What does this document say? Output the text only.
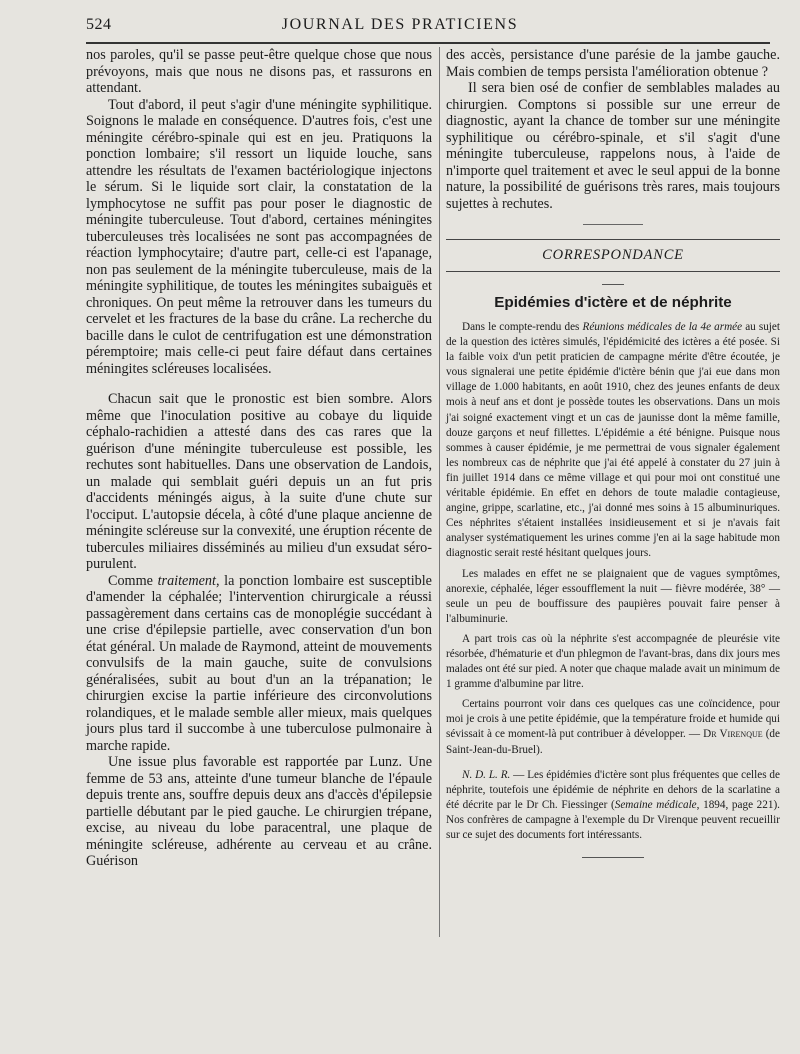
524	JOURNAL DES PRATICIENS

nos paroles, qu'il se passe peut-être quelque chose que nous prévoyons, mais que nous ne disons pas, et rassurons en attendant.

Tout d'abord, il peut s'agir d'une méningite syphilitique. Soignons le malade en conséquence. D'autres fois, c'est une méningite cérébro-spinale qui est en jeu. Pratiquons la ponction lombaire; s'il ressort un liquide louche, sans attendre les résultats de l'examen bactériologique injectons le sérum. Si le liquide sort clair, la constatation de la lymphocytose ne suffit pas pour poser le diagnostic de méningite tuberculeuse. Tout d'abord, certaines méningites tuberculeuses très localisées ne sont pas accompagnées de réaction lymphocytaire; d'autre part, celle-ci est l'apanage, non pas seulement de la méningite tuberculeuse, mais de la méningite syphilitique, de toutes les méningites subaiguës et chroniques. On peut même la retrouver dans les tumeurs du cervelet et les fractures de la base du crâne. La recherche du bacille dans le culot de centrifugation est une démonstration péremptoire; mais celle-ci peut faire défaut dans certaines méningites scléreuses localisées.

Chacun sait que le pronostic est bien sombre. Alors même que l'inoculation positive au cobaye du liquide céphalo-rachidien a attesté dans des cas rares que la guérison d'une méningite tuberculeuse est possible, les rechutes sont habituelles. Dans une observation de Landois, un malade qui semblait guéri depuis un an fut pris d'accidents méningés aigus, à la suite d'une chute sur l'occiput. L'autopsie décela, à côté d'une plaque ancienne de méningite scléreuse sur la convexité, une éruption récente de tubercules miliaires disséminés au milieu d'un exsudat séro-purulent.

Comme traitement, la ponction lombaire est susceptible d'amender la céphalée; l'intervention chirurgicale a réussi passagèrement dans certains cas de monoplégie succédant à une crise d'épilepsie partielle, avec conservation d'un bon état général. Un malade de Raymond, atteint de mouvements convulsifs de la main gauche, suite de convulsions généralisées, subit au bout d'un an la trépanation; le chirurgien excise la partie inférieure des circonvolutions rolandiques, et le malade semble aller mieux, mais quelques jours plus tard il succombe à une tuberculose pulmonaire à marche rapide.

Une issue plus favorable est rapportée par Lunz. Une femme de 53 ans, atteinte d'une tumeur blanche de l'épaule depuis trente ans, souffre depuis deux ans d'accès d'épilepsie partielle débutant par le pied gauche. Le chirurgien trépane, excise, au niveau du lobe paracentral, une plaque de méningite scléreuse, adhérente au cerveau et au crâne. Guérison

des accès, persistance d'une parésie de la jambe gauche. Mais combien de temps persista l'amélioration obtenue ?

Il sera bien osé de confier de semblables malades au chirurgien. Comptons si possible sur une erreur de diagnostic, ayant la chance de tomber sur une méningite syphilitique ou cérébro-spinale, et s'il s'agit d'une méningite tuberculeuse, rappelons nous, à l'aide de n'importe quel traitement et avec le seul appui de la bonne nature, la possibilité de guérisons très rares, mais toujours sujettes à rechutes.

CORRESPONDANCE
Epidémies d'ictère et de néphrite

Dans le compte-rendu des Réunions médicales de la 4e armée au sujet de la question des ictères simulés, l'épidémicité des ictères a été posée. Si la faible voix d'un petit praticien de campagne mérite d'être écoutée, je vous signalerai une petite épidémie d'ictère bénin que j'ai eue dans mon village de 1.000 habitants, en août 1910, chez des jeunes enfants de deux mois à neuf ans et dont je possède toutes les observations. Dans un mois j'ai soigné exactement vingt et un cas de jaunisse dont la même famille, douze garçons et neuf fillettes. L'épidémie a été bénigne. Puisque nous sommes à causer épidémie, je me permettrai de vous signaler également les nombreux cas de néphrite que j'ai été appelé à constater du 27 juin à fin juillet 1914 dans ce même village et qui pour moi ont constitué une véritable épidémie. En effet en dehors de toute maladie contagieuse, angine, grippe, scarlatine, etc., j'ai donné mes soins à 15 albuminuriques. Ces néphrites s'étaient installées insidieusement et si je n'avais fait analyser systématiquement les urines comme j'en ai la sage habitude mon diagnostic serait resté hésitant quelques jours.

Les malades en effet ne se plaignaient que de vagues symptômes, anorexie, céphalée, léger essoufflement la nuit — fièvre modérée, 38° — seule un peu de bouffissure des paupières pouvait faire penser à l'albuminurie.

A part trois cas où la néphrite s'est accompagnée de pleurésie vite résorbée, d'hématurie et d'un phlegmon de l'avant-bras, dans dix jours mes malades ont été sur pied. A noter que chaque malade avait un minimum de 1 gramme d'albumine par litre.

Certains pourront voir dans ces quelques cas une coïncidence, pour moi je crois à une petite épidémie, que la température froide et humide qui sévissait à ce moment-là put contribuer à développer. — Dr Virenque (de Saint-Jean-du-Bruel).

N. D. L. R. — Les épidémies d'ictère sont plus fréquentes que celles de néphrite, toutefois une épidémie de néphrite en dehors de la scarlatine a été décrite par le Dr Ch. Fiessinger (Semaine médicale, 1894, page 221). Nos confrères de campagne à l'exemple du Dr Virenque peuvent recueillir sur ce sujet des documents fort intéressants.
